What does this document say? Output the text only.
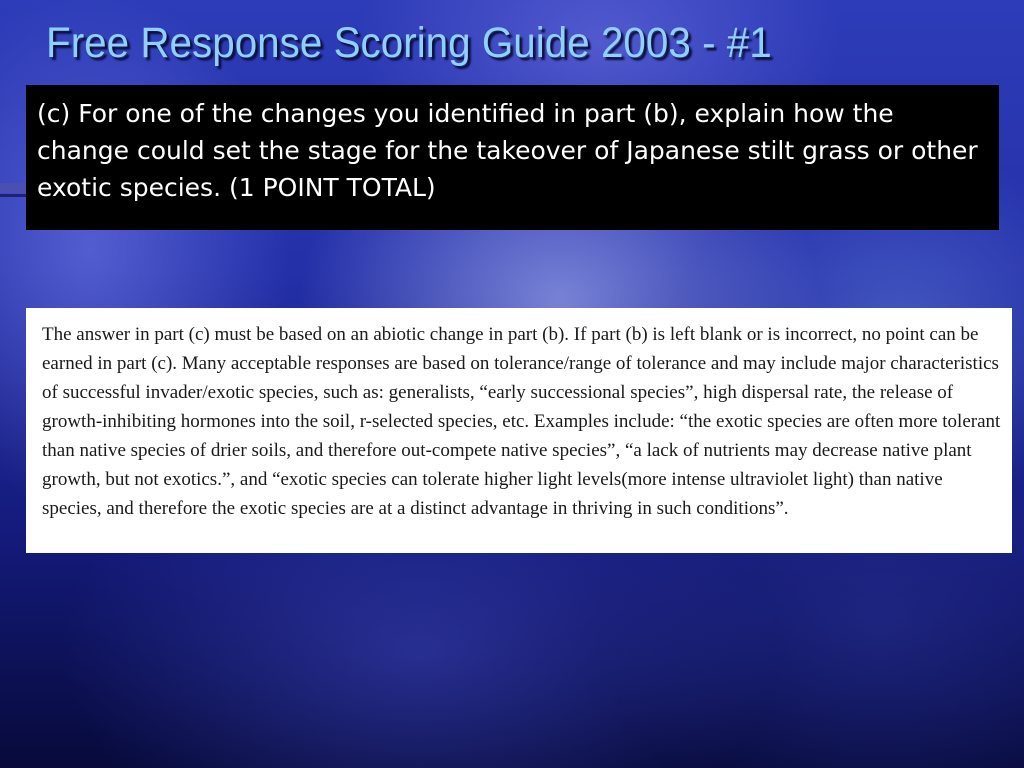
Free Response Scoring Guide 2003 - #1

(c) For one of the changes you identified in part (b), explain how the change could set the stage for the takeover of Japanese stilt grass or other exotic species. (1 POINT TOTAL)

The answer in part (c) must be based on an abiotic change in part (b). If part (b) is left blank or is incorrect, no point can be earned in part (c). Many acceptable responses are based on tolerance/range of tolerance and may include major characteristics of successful invader/exotic species, such as: generalists, “early successional species”, high dispersal rate, the release of growth-inhibiting hormones into the soil, r-selected species, etc. Examples include: “the exotic species are often more tolerant than native species of drier soils, and therefore out-compete native species”, “a lack of nutrients may decrease native plant growth, but not exotics.”, and “exotic species can tolerate higher light levels(more intense ultraviolet light) than native species, and therefore the exotic species are at a distinct advantage in thriving in such conditions”.
